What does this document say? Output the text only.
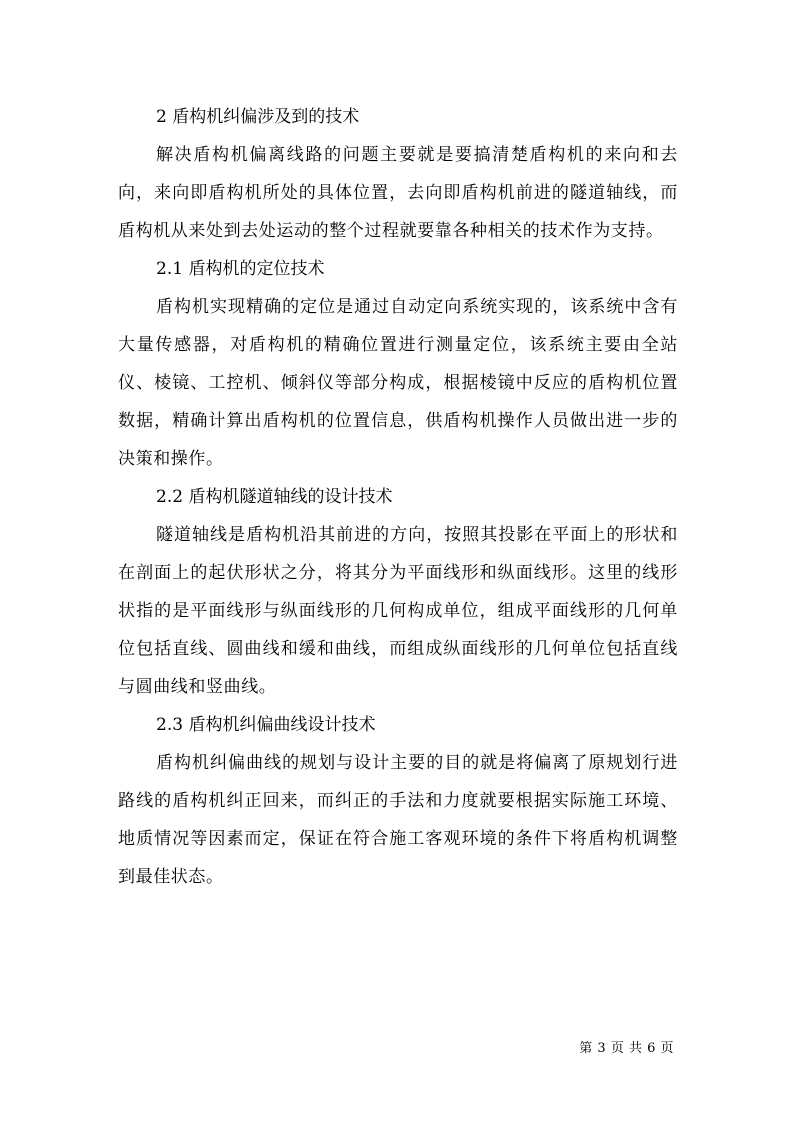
2 盾构机纠偏涉及到的技术

解决盾构机偏离线路的问题主要就是要搞清楚盾构机的来向和去向，来向即盾构机所处的具体位置，去向即盾构机前进的隧道轴线，而盾构机从来处到去处运动的整个过程就要靠各种相关的技术作为支持。

2.1 盾构机的定位技术

盾构机实现精确的定位是通过自动定向系统实现的，该系统中含有大量传感器，对盾构机的精确位置进行测量定位，该系统主要由全站仪、棱镜、工控机、倾斜仪等部分构成，根据棱镜中反应的盾构机位置数据，精确计算出盾构机的位置信息，供盾构机操作人员做出进一步的决策和操作。

2.2 盾构机隧道轴线的设计技术

隧道轴线是盾构机沿其前进的方向，按照其投影在平面上的形状和在剖面上的起伏形状之分，将其分为平面线形和纵面线形。这里的线形状指的是平面线形与纵面线形的几何构成单位，组成平面线形的几何单位包括直线、圆曲线和缓和曲线，而组成纵面线形的几何单位包括直线与圆曲线和竖曲线。

2.3 盾构机纠偏曲线设计技术

盾构机纠偏曲线的规划与设计主要的目的就是将偏离了原规划行进路线的盾构机纠正回来，而纠正的手法和力度就要根据实际施工环境、地质情况等因素而定，保证在符合施工客观环境的条件下将盾构机调整到最佳状态。

第 3 页 共 6 页
